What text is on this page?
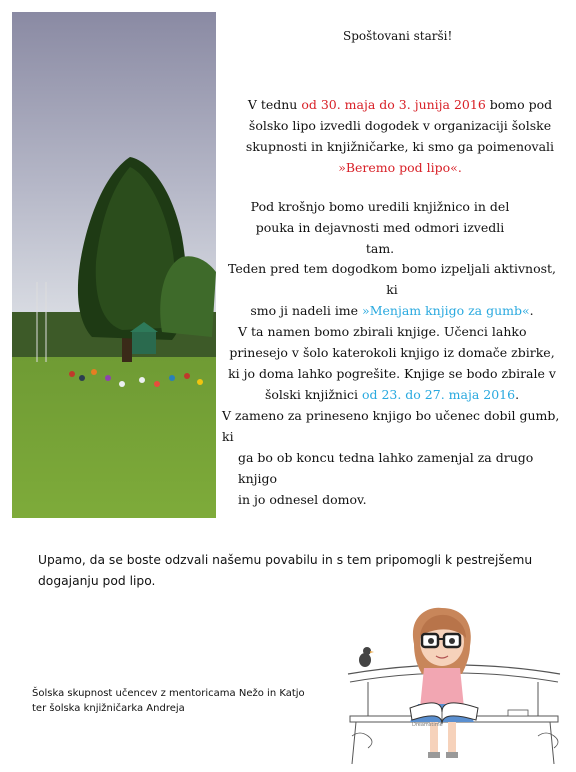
Spoštovani starši!
V tednu od 30. maja do 3. junija 2016 bomo pod šolsko lipo izvedli dogodek v organizaciji šolske skupnosti in knjižničarke, ki smo ga poimenovali
»Beremo pod lipo«.
Pod krošnjo bomo uredili knjižnico in del pouka in dejavnosti med odmori izvedli tam.
Teden pred tem dogodkom bomo izpeljali aktivnost, ki
smo ji nadeli ime »Menjam knjigo za gumb«.
V ta namen bomo zbirali knjige. Učenci lahko
prinesejo v šolo katerokoli knjigo iz domače zbirke,
ki jo doma lahko pogrešite. Knjige se bodo zbirale v
šolski knjižnici od 23. do 27. maja 2016.
V zameno za prineseno knjigo bo učenec dobil gumb, ki
ga bo ob koncu tedna lahko zamenjal za drugo knjigo
in jo odnesel domov.
Upamo, da se boste odzvali našemu povabilu in s tem pripomogli k pestrejšemu dogajanju pod lipo.
Šolska skupnost učencev z mentoricama Nežo in Katjo
ter šolska knjižničarka Andreja
Dreamstime
